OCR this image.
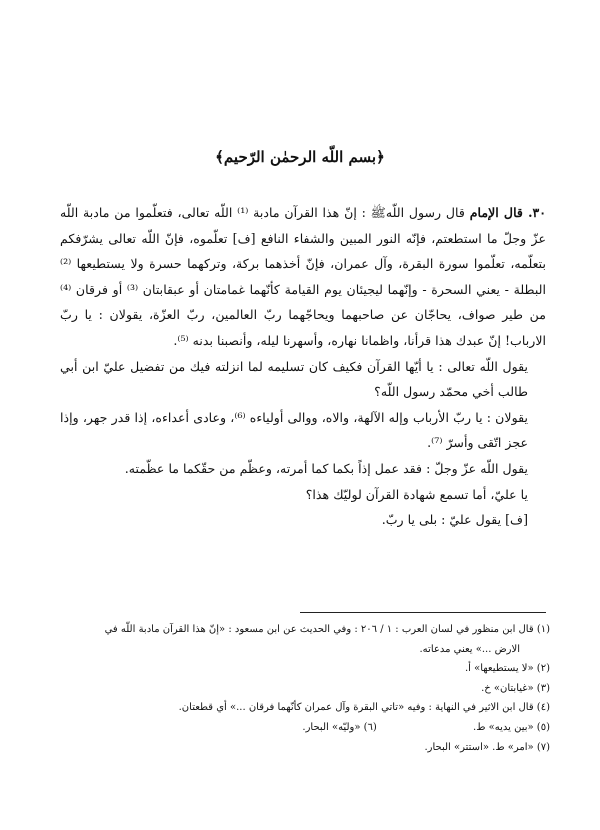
﴿بسم اللّه الرحمٰن الرّحيم﴾

٣٠. قال الإمام قال رسول اللّهﷺ : إنّ هذا القرآن مادبة ⁽¹⁾ اللّه تعالى، فتعلّموا من مادبة اللّه عزّ وجلّ ما استطعتم، فإنّه النور المبين والشفاء النافع [ف] تعلّموه، فإنّ اللّه تعالى يشرّفكم بتعلّمه، تعلّموا سورة البقرة، وآل عمران، فإنّ أخذهما بركة، وتركهما حسرة ولا يستطيعها ⁽²⁾ البطلة - يعني السحرة - وإنّهما ليجيئان يوم القيامة كأنّهما غمامتان أو عبقابتان ⁽³⁾ أو فرقان ⁽⁴⁾ من طير صواف، يحاجّان عن صاحبهما ويحاجّهما ربّ العالمين، ربّ العزّة، يقولان : يا ربّ الارباب! إنّ عبدك هذا قرأنا، واظمانا نهاره، وأسهرنا ليله، وأنصبنا بدنه ⁽⁵⁾.

يقول اللّه تعالى : يا أيّها القرآن فكيف كان تسليمه لما انزلته فيك من تفضيل عليّ ابن أبي طالب أخي محمّد رسول اللّه؟

يقولان : يا ربّ الأرباب وإله الآلهة، والاه، ووالى أولياءه ⁽⁶⁾، وعادى أعداءه، إذا قدر جهر، وإذا عجز اتّقى وأسرّ ⁽⁷⁾.

يقول اللّه عزّ وجلّ : فقد عمل إذاً بكما كما أمرته، وعظّم من حقّكما ما عظّمته.

يا عليّ، أما تسمع شهادة القرآن لوليّك هذا؟

[ف] يقول عليّ : بلى يا ربّ.

(١) قال ابن منظور في لسان العرب : ١ / ٢٠٦ : وفي الحديث عن ابن مسعود : «إنّ هذا القرآن مادبة اللّه في
الارض ...» يعني مدعاته.
(٢) «لا يستطيعها» أ.
(٣) «غيابتان» خ.
(٤) قال ابن الاثير في النهاية : وفيه «تاتي البقرة وآل عمران كأنّهما فرقان ...» أي قطعتان.
(٥) «بين يديه» ط. (٦) «وليّه» البحار.
(٧) «امر» ط. «استتر» البحار.
